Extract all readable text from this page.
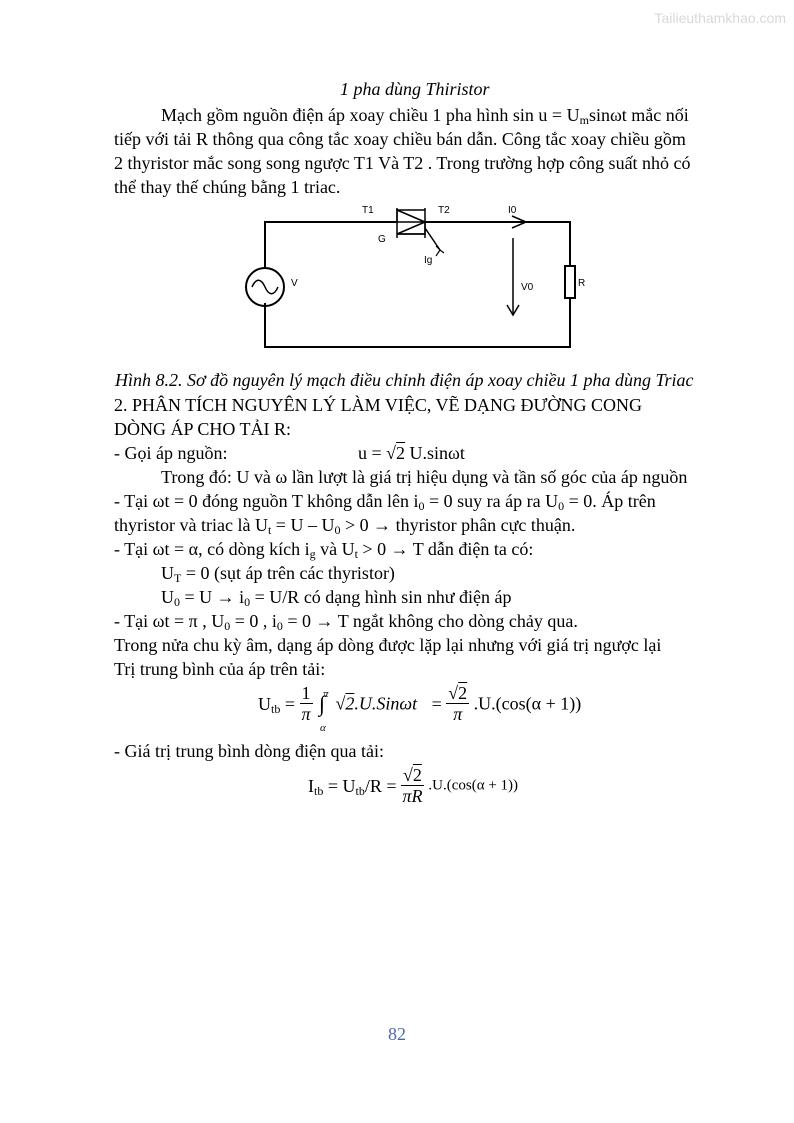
Tailieuthamkhao.com
1 pha dùng Thiristor
Mạch gồm nguồn điện áp xoay chiều 1 pha hình $\sin u = U_m\sin\omega t$ mắc nối
tiếp với tải R thông qua công tắc xoay chiều bán dẫn. Công tắc xoay chiều gồm
2 thyristor mắc song song ngược T1 Và T2 . Trong trường hợp công suất nhỏ có
thể thay thế chúng bằng 1 triac.
T1	T2
G
Ig
I0
V0
V	R
Hình 8.2. Sơ đồ nguyên lý mạch điều chỉnh điện áp xoay chiều 1 pha dùng Triac
2. PHÂN TÍCH NGUYÊN LÝ LÀM VIỆC, VẼ DẠNG ĐƯỜNG CONG
DÒNG ÁP CHO TẢI R:
- Gọi áp nguồn:	u = √2 U.sinωt
Trong đó: U và ω lần lượt là giá trị hiệu dụng và tần số góc của áp nguồn
- Tại ωt = 0 đóng nguồn T không dẫn lên $i_0 = 0$ suy ra áp ra $U_0 = 0$. Áp trên
thyristor và triac là $U_t = U - U_0 > 0$ → thyristor phân cực thuận.
- Tại ωt = α, có dòng kích $i_g$ và $U_t > 0 \to T$ dẫn điện ta có:
$U_T = 0$ (sụt áp trên các thyristor)
$U_0 = U \to i_0 = U/R$ có dạng hình sin như điện áp
- Tại ωt = π , $U_0 = 0$ , $i_0 = 0 \to T$ ngắt không cho dòng chảy qua.
Trong nửa chu kỳ âm, dạng áp dòng được lặp lại nhưng với giá trị ngược lại
Trị trung bình của áp trên tải:
$U_{tb} = \frac{1}{\pi}$
π
∫
α
$√2.U.Sin\omega t = \frac{√2}{\pi} .U.(\cos(\alpha + 1))$
- Giá trị trung bình dòng điện qua tải:
$I_{tb} = U_{tb}/R = \frac{√2}{\pi R} .U.(\cos(\alpha + 1))$
82
